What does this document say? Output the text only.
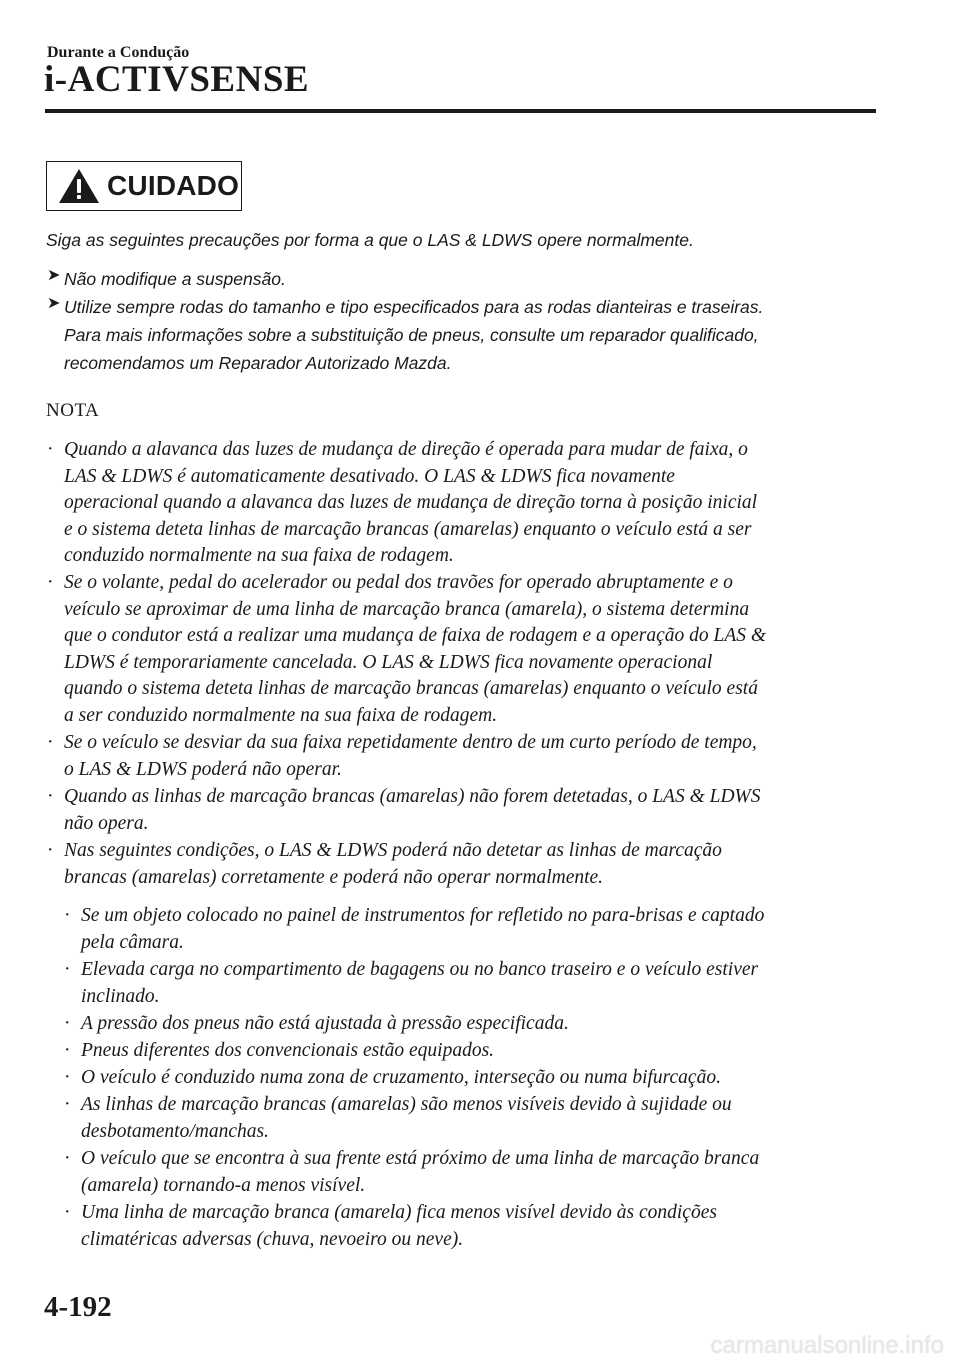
Durante a Condução
i-ACTIVSENSE
CUIDADO
Siga as seguintes precauções por forma a que o LAS & LDWS opere normalmente.
➤ Não modifique a suspensão.
➤ Utilize sempre rodas do tamanho e tipo especificados para as rodas dianteiras e traseiras.
Para mais informações sobre a substituição de pneus, consulte um reparador qualificado,
recomendamos um Reparador Autorizado Mazda.
NOTA
· Quando a alavanca das luzes de mudança de direção é operada para mudar de faixa, o
LAS & LDWS é automaticamente desativado. O LAS & LDWS fica novamente
operacional quando a alavanca das luzes de mudança de direção torna à posição inicial
e o sistema deteta linhas de marcação brancas (amarelas) enquanto o veículo está a ser
conduzido normalmente na sua faixa de rodagem.
· Se o volante, pedal do acelerador ou pedal dos travões for operado abruptamente e o
veículo se aproximar de uma linha de marcação branca (amarela), o sistema determina
que o condutor está a realizar uma mudança de faixa de rodagem e a operação do LAS &
LDWS é temporariamente cancelada. O LAS & LDWS fica novamente operacional
quando o sistema deteta linhas de marcação brancas (amarelas) enquanto o veículo está
a ser conduzido normalmente na sua faixa de rodagem.
· Se o veículo se desviar da sua faixa repetidamente dentro de um curto período de tempo,
o LAS & LDWS poderá não operar.
· Quando as linhas de marcação brancas (amarelas) não forem detetadas, o LAS & LDWS
não opera.
· Nas seguintes condições, o LAS & LDWS poderá não detetar as linhas de marcação
brancas (amarelas) corretamente e poderá não operar normalmente.
· Se um objeto colocado no painel de instrumentos for refletido no para-brisas e captado
pela câmara.
· Elevada carga no compartimento de bagagens ou no banco traseiro e o veículo estiver
inclinado.
· A pressão dos pneus não está ajustada à pressão especificada.
· Pneus diferentes dos convencionais estão equipados.
· O veículo é conduzido numa zona de cruzamento, interseção ou numa bifurcação.
· As linhas de marcação brancas (amarelas) são menos visíveis devido à sujidade ou
desbotamento/manchas.
· O veículo que se encontra à sua frente está próximo de uma linha de marcação branca
(amarela) tornando-a menos visível.
· Uma linha de marcação branca (amarela) fica menos visível devido às condições
climatéricas adversas (chuva, nevoeiro ou neve).
4-192
carmanualsonline.info
